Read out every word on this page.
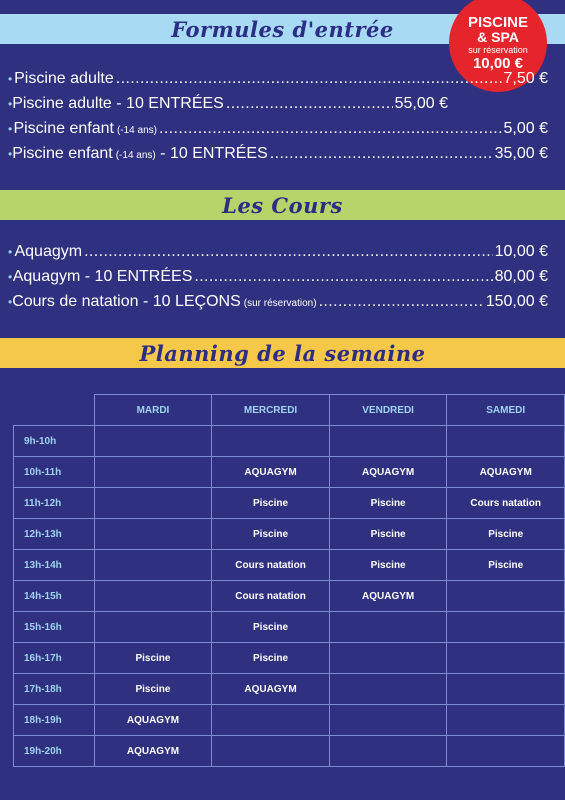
Formules d'entrée	PISCINE
& SPA
sur réservation
10,00 €
• Piscine adulte .....	7,50 €
• Piscine adulte - 10 ENTRÉES .....	55,00 €
• Piscine enfant (-14 ans) .....	5,00 €
• Piscine enfant (-14 ans) - 10 ENTRÉES .....	35,00 €
Les Cours
• Aquagym .....	10,00 €
• Aquagym - 10 ENTRÉES .....	80,00 €
• Cours de natation - 10 LEÇONS (sur réservation) .....	150,00 €
Planning de la semaine
	MARDI	MERCREDI	VENDREDI	SAMEDI
9h-10h				
10h-11h		AQUAGYM	AQUAGYM	AQUAGYM
11h-12h		Piscine	Piscine	Cours natation
12h-13h		Piscine	Piscine	Piscine
13h-14h		Cours natation	Piscine	Piscine
14h-15h		Cours natation	AQUAGYM	
15h-16h		Piscine		
16h-17h	Piscine	Piscine		
17h-18h	Piscine	AQUAGYM		
18h-19h	AQUAGYM			
19h-20h	AQUAGYM			
